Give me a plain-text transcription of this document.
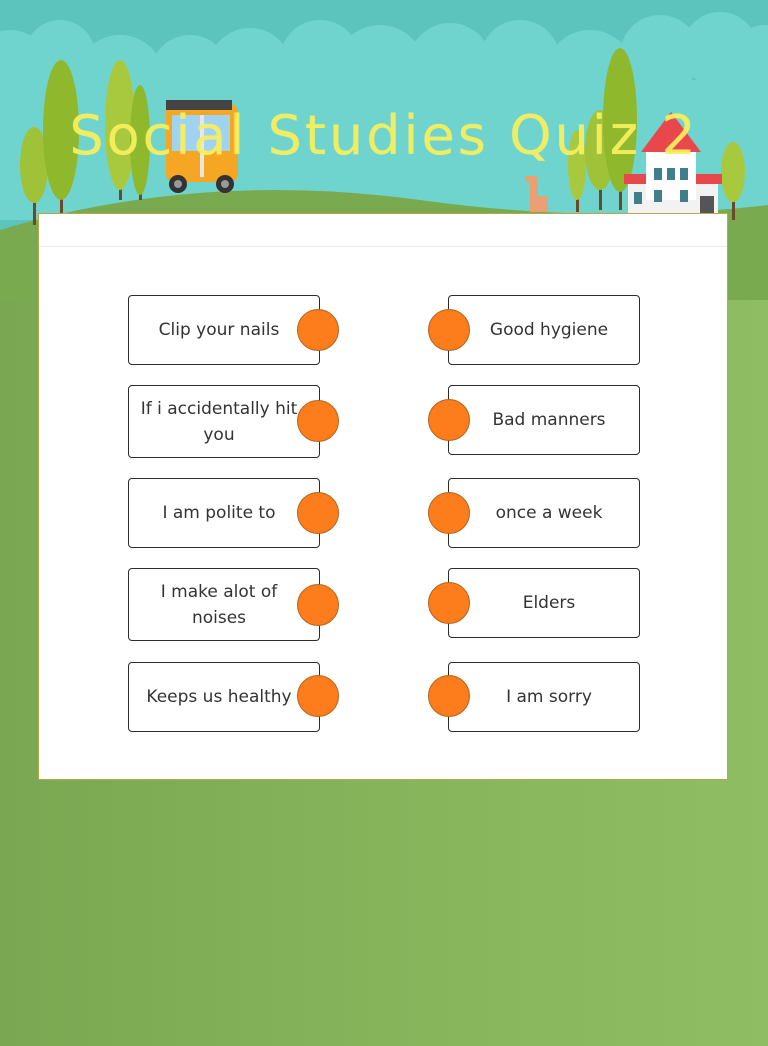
Social Studies Quiz 2
Clip your nails
If i accidentally hit you
I am polite to
I make alot of noises
Keeps us healthy
Good hygiene
Bad manners
once a week
Elders
I am sorry
